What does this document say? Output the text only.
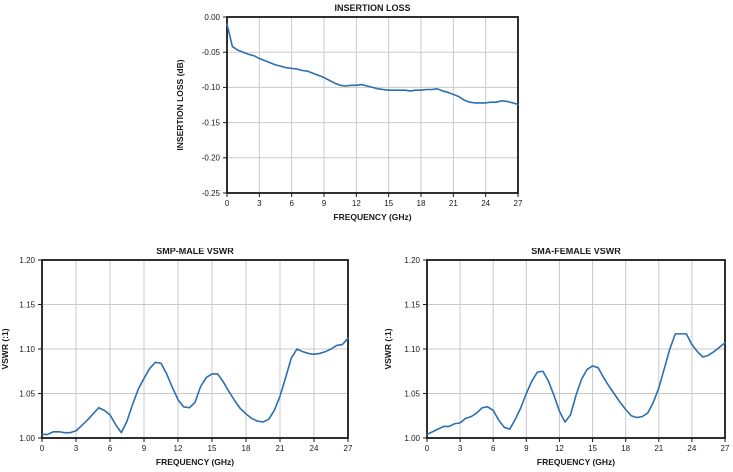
INSERTION LOSS
0	3	6	9	12	15	18	21	24	27
0.00
-0.05
-0.10
-0.15
-0.20
-0.25
FREQUENCY (GHz)
INSERTION LOSS (dB)
SMP-MALE VSWR
0	3	6	9	12	15	18	21	24	27
1.20
1.15
1.10
1.05
1.00
FREQUENCY (GHz)
VSWR (:1)
SMA-FEMALE VSWR
0	3	6	9	12	15	18	21	24	27
1.20
1.15
1.10
1.05
1.00
FREQUENCY (GHz)
VSWR (:1)
